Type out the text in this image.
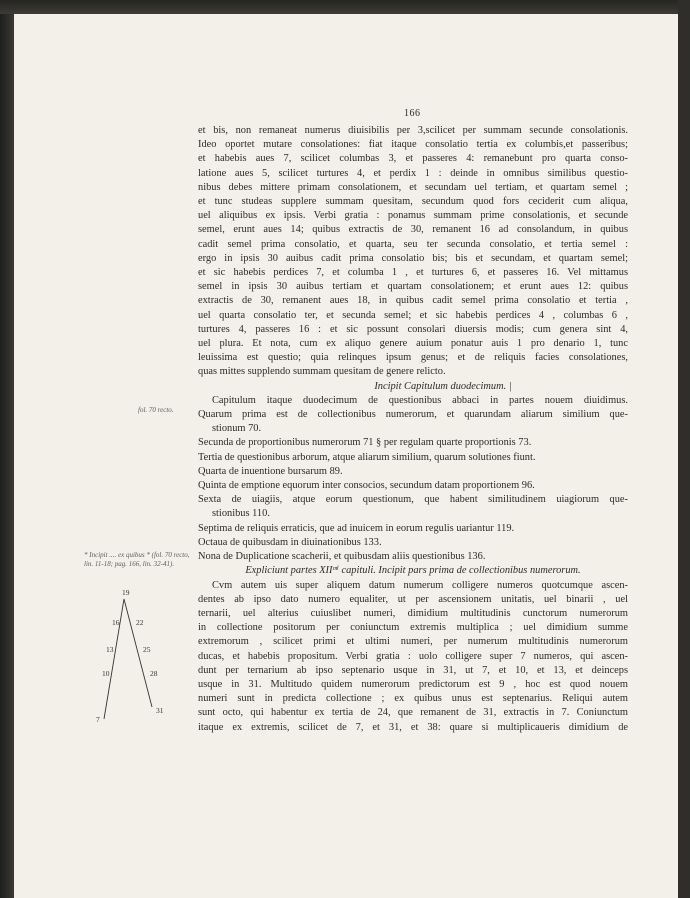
166
fol. 70 recto.
* Incipit .... ex quibus * (fol. 70 recto, lin. 11-18; pag. 166, lin. 32-41).
19
16 22
13	25
10	28
7
31
et bis, non remaneat numerus diuisibilis per 3,scilicet per summam secunde consolationis.
Ideo oportet mutare consolationes: fiat itaque consolatio tertia ex columbis,et passeribus;
et habebis aues 7, scilicet columbas 3, et passeres 4: remanebunt pro quarta conso-
latione aues 5, scilicet turtures 4, et perdix 1 : deinde in omnibus similibus questio-
nibus debes mittere primam consolationem, et secundam uel tertiam, et quartam semel ;
et tunc studeas supplere summam quesitam, secundum quod fors ceciderit cum aliqua,
uel aliquibus ex ipsis. Verbi gratia : ponamus summam prime consolationis, et secunde
semel, erunt aues 14; quibus extractis de 30, remanent 16 ad consolandum, in quibus
cadit semel prima consolatio, et quarta, seu ter secunda consolatio, et tertia semel :
ergo in ipsis 30 auibus cadit prima consolatio bis; bis et secundam, et quartam semel;
et sic habebis perdices 7, et columba 1 , et turtures 6, et passeres 16. Vel mittamus
semel in ipsis 30 auibus tertiam et quartam consolationem; et erunt aues 12: quibus
extractis de 30, remanent aues 18, in quibus cadit semel prima consolatio et tertia ,
uel quarta consolatio ter, et secunda semel; et sic habebis perdices 4 , columbas 6 ,
turtures 4, passeres 16 : et sic possunt consolari diuersis modis; cum genera sint 4,
uel plura. Et nota, cum ex aliquo genere auium ponatur auis 1 pro denario 1, tunc
leuissima est questio; quia relinques ipsum genus; et de reliquis facies consolationes,
quas mittes supplendo summam quesitam de genere relicto.
Incipit Capitulum duodecimum. |
Capitulum itaque duodecimum de questionibus abbaci in partes nouem diuidimus.
Quarum prima est de collectionibus numerorum, et quarundam aliarum similium que-
stionum 70.
Secunda de proportionibus numerorum 71 § per regulam quarte proportionis 73.
Tertia de questionibus arborum, atque aliarum similium, quarum solutiones fiunt.
Quarta de inuentione bursarum 89.
Quinta de emptione equorum inter consocios, secundum datam proportionem 96.
Sexta de uiagiis, atque eorum questionum, que habent similitudinem uiagiorum que-
stionibus 110.
Septima de reliquis erraticis, que ad inuicem in eorum regulis uariantur 119.
Octaua de quibusdam in diuinationibus 133.
Nona de Duplicatione scacherii, et quibusdam aliis questionibus 136.
Expliciunt partes XIIᵐⁱ capituli. Incipit pars prima de collectionibus numerorum.
Cvm autem uis super aliquem datum numerum colligere numeros quotcumque ascen-
dentes ab ipso dato numero equaliter, ut per ascensionem unitatis, uel binarii , uel
ternarii, uel alterius cuiuslibet numeri, dimidium multitudinis cunctorum numerorum
in collectione positorum per coniunctum extremis multiplica ; uel dimidium summe
extremorum , scilicet primi et ultimi numeri, per numerum multitudinis numerorum
ducas, et habebis propositum. Verbi gratia : uolo colligere super 7 numeros, qui ascen-
dunt per ternarium ab ipso septenario usque in 31, ut 7, et 10, et 13, et deinceps
usque in 31. Multitudo quidem numerorum predictorum est 9 , hoc est quod nouem
numeri sunt in predicta collectione ; ex quibus unus est septenarius. Reliqui autem
sunt octo, qui habentur ex tertia de 24, que remanent de 31, extractis in 7. Coniunctum
itaque ex extremis, scilicet de 7, et 31, et 38: quare si multiplicaueris dimidium de
